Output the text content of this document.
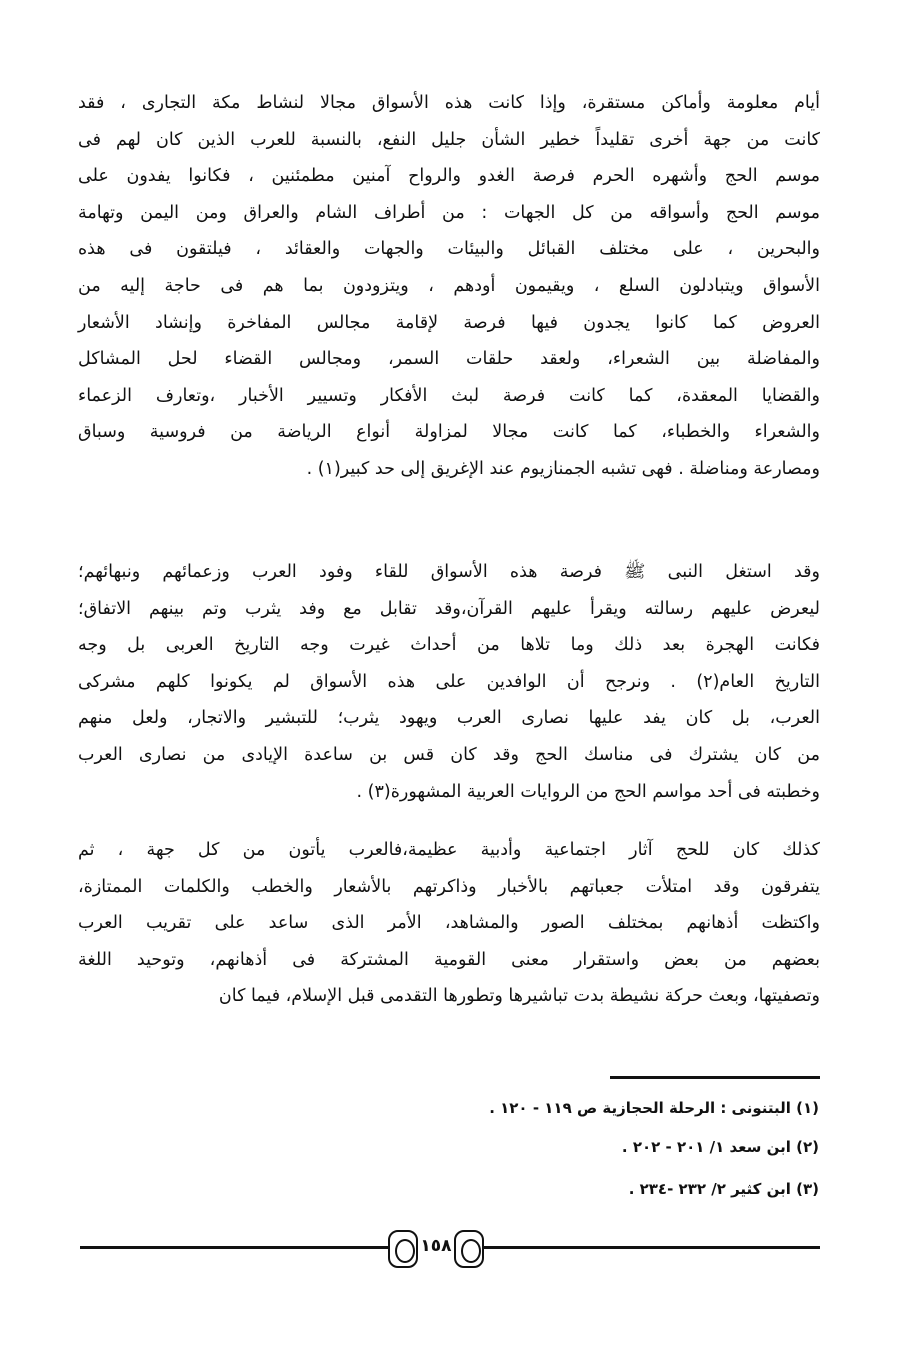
أيام معلومة وأماكن مستقرة، وإذا كانت هذه الأسواق مجالا لنشاط مكة التجارى ، فقد
كانت من جهة أخرى تقليداً خطير الشأن جليل النفع، بالنسبة للعرب الذين كان لهم فى
موسم الحج وأشهره الحرم فرصة الغدو والرواح آمنين مطمئنين ، فكانوا يفدون على
موسم الحج وأسواقه من كل الجهات : من أطراف الشام والعراق ومن اليمن وتهامة
والبحرين ، على مختلف القبائل والبيئات والجهات والعقائد ، فيلتقون فى هذه
الأسواق ويتبادلون السلع ، ويقيمون أودهم ، ويتزودون بما هم فى حاجة إليه من
العروض كما كانوا يجدون فيها فرصة لإقامة مجالس المفاخرة وإنشاد الأشعار
والمفاضلة بين الشعراء، ولعقد حلقات السمر، ومجالس القضاء لحل المشاكل
والقضايا المعقدة، كما كانت فرصة لبث الأفكار وتسيير الأخبار ،وتعارف الزعماء
والشعراء والخطباء، كما كانت مجالا لمزاولة أنواع الرياضة من فروسية وسباق
ومصارعة ومناضلة . فهى تشبه الجمنازيوم عند الإغريق إلى حد كبير(١) .
وقد استغل النبى ﷺ فرصة هذه الأسواق للقاء وفود العرب وزعمائهم ونبهائهم؛
ليعرض عليهم رسالته ويقرأ عليهم القرآن،وقد تقابل مع وفد يثرب وتم بينهم الاتفاق؛
فكانت الهجرة بعد ذلك وما تلاها من أحداث غيرت وجه التاريخ العربى بل وجه
التاريخ العام(٢) . ونرجح أن الوافدين على هذه الأسواق لم يكونوا كلهم مشركى
العرب، بل كان يفد عليها نصارى العرب ويهود يثرب؛ للتبشير والاتجار، ولعل منهم
من كان يشترك فى مناسك الحج وقد كان قس بن ساعدة الإيادى من نصارى العرب
وخطبته فى أحد مواسم الحج من الروايات العربية المشهورة(٣) .
كذلك كان للحج آثار اجتماعية وأدبية عظيمة،فالعرب يأتون من كل جهة ، ثم
يتفرقون وقد امتلأت جعباتهم بالأخبار وذاكرتهم بالأشعار والخطب والكلمات الممتازة،
واكتظت أذهانهم بمختلف الصور والمشاهد، الأمر الذى ساعد على تقريب العرب
بعضهم من بعض واستقرار معنى القومية المشتركة فى أذهانهم، وتوحيد اللغة
وتصفيتها، وبعث حركة نشيطة بدت تباشيرها وتطورها التقدمى قبل الإسلام، فيما كان
(١) البتنونى : الرحلة الحجازية ص ١١٩ - ١٢٠ .
(٢) ابن سعد ١/ ٢٠١ - ٢٠٢ .
(٣) ابن كثير ٢/ ٢٣٢ -٢٣٤ .
١٥٨
